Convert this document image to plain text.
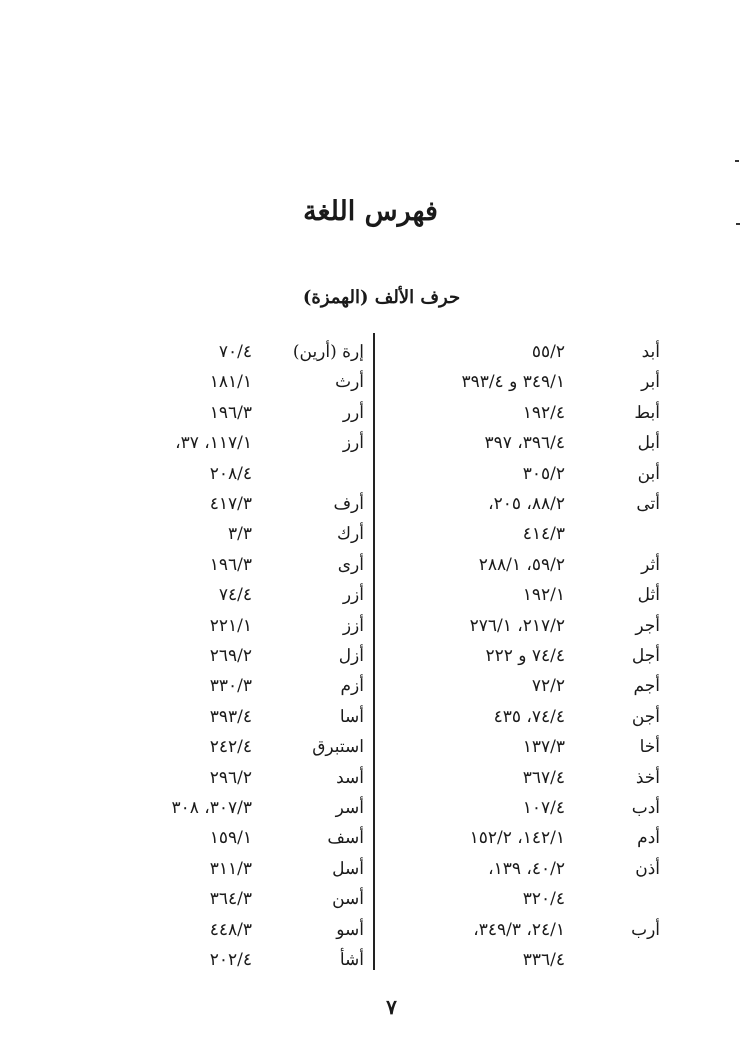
فهرس اللغة
حرف الألف (الهمزة)
أبد
٥٥/٢
أبر
٣٤٩/١ و ٣٩٣/٤
أبط
١٩٢/٤
أبل
٣٩٦/٤، ٣٩٧
أبن
٣٠٥/٢
أتى
٨٨/٢، ٢٠٥،
٤١٤/٣
أثر
٥٩/٢، ٢٨٨/١
أثل
١٩٢/١
أجر
٢١٧/٢، ٢٧٦/١
أجل
٧٤/٤ و ٢٢٢
أجم
٧٢/٢
أجن
٧٤/٤، ٤٣٥
أخا
١٣٧/٣
أخذ
٣٦٧/٤
أدب
١٠٧/٤
أدم
١٤٢/١، ١٥٢/٢
أذن
٤٠/٢، ١٣٩،
٣٢٠/٤
أرب
٢٤/١، ٣٤٩/٣،
٣٣٦/٤
إرة (أرين)
٧٠/٤
أرث
١٨١/١
أرر
١٩٦/٣
أرز
١١٧/١، ٣٧،
٢٠٨/٤
أرف
٤١٧/٣
أرك
٣/٣
أرى
١٩٦/٣
أزر
٧٤/٤
أزز
٢٢١/١
أزل
٢٦٩/٢
أزم
٣٣٠/٣
أسا
٣٩٣/٤
استبرق
٢٤٢/٤
أسد
٢٩٦/٢
أسر
٣٠٧/٣، ٣٠٨
أسف
١٥٩/١
أسل
٣١١/٣
أسن
٣٦٤/٣
أسو
٤٤٨/٣
أشأ
٢٠٢/٤
٧
